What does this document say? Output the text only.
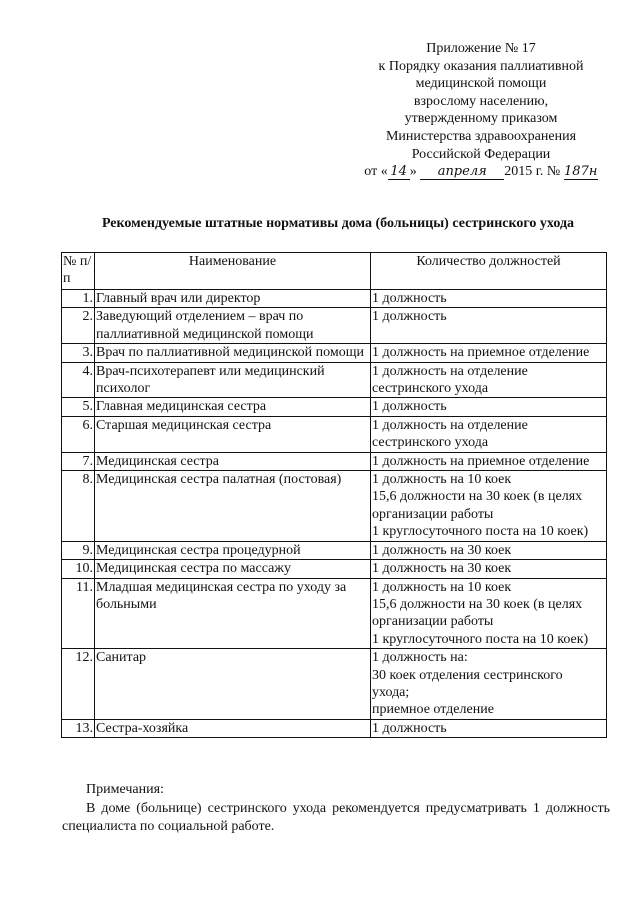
Приложение № 17
к Порядку оказания паллиативной
медицинской помощи
взрослому населению,
утвержденному приказом
Министерства здравоохранения
Российской Федерации
от « 14 » апреля 2015 г. № 187н
Рекомендуемые штатные нормативы дома (больницы) сестринского ухода
№ п/п	Наименование	Количество должностей
1.	Главный врач или директор	1 должность

2.	Заведующий отделением – врач по паллиативной медицинской помощи	1 должность

3.	Врач по паллиативной медицинской помощи	1 должность на приемное отделение

4.	Врач-психотерапевт или медицинский психолог	1 должность на отделение
сестринского ухода

5.	Главная медицинская сестра	1 должность

6.	Старшая медицинская сестра	1 должность на отделение
сестринского ухода

7.	Медицинская сестра	1 должность на приемное отделение

8.	Медицинская сестра палатная (постовая)	1 должность на 10 коек
15,6 должности на 30 коек (в целях
организации работы
1 круглосуточного поста на 10 коек)

9.	Медицинская сестра процедурной	1 должность на 30 коек

10.	Медицинская сестра по массажу	1 должность на 30 коек

11.	Младшая медицинская сестра по уходу за больными	1 должность на 10 коек
15,6 должности на 30 коек (в целях
организации работы
1 круглосуточного поста на 10 коек)

12.	Санитар	1 должность на:
30 коек отделения сестринского
ухода;
приемное отделение

13.	Сестра-хозяйка	1 должность
Примечания:
В доме (больнице) сестринского ухода рекомендуется предусматривать 1 должность специалиста по социальной работе.
